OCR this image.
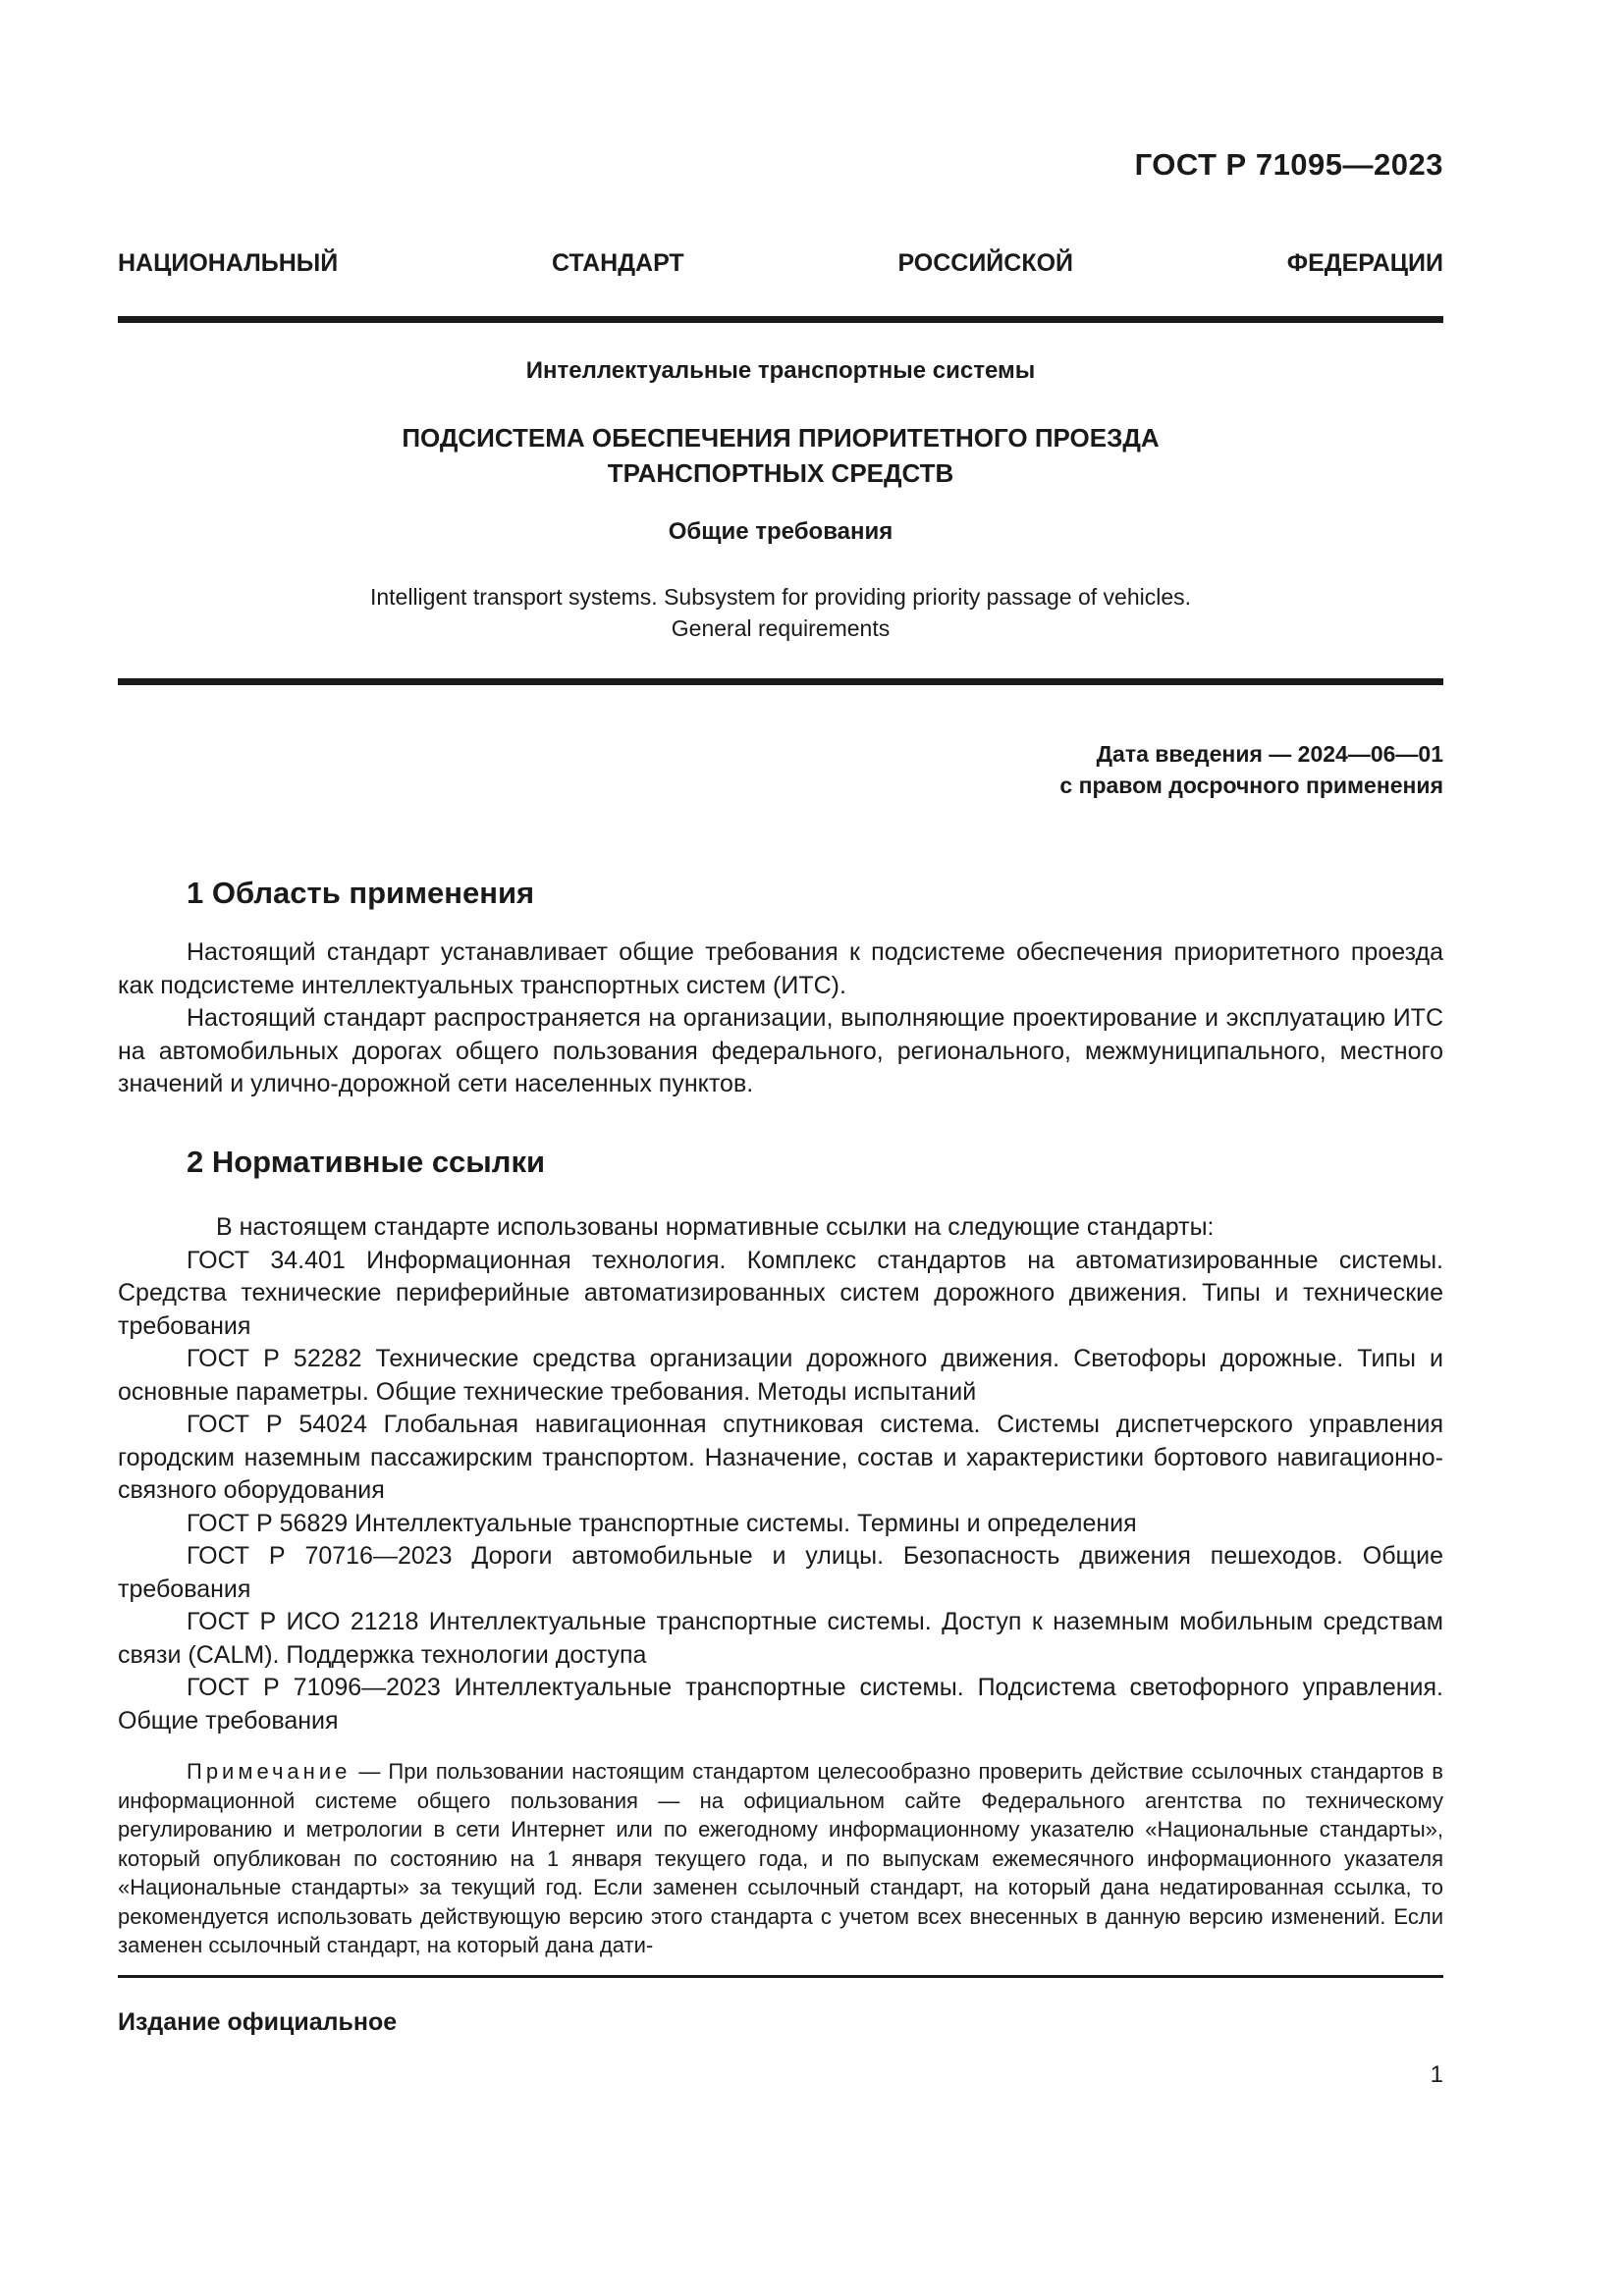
ГОСТ Р 71095—2023
НАЦИОНАЛЬНЫЙ СТАНДАРТ РОССИЙСКОЙ ФЕДЕРАЦИИ
Интеллектуальные транспортные системы
ПОДСИСТЕМА ОБЕСПЕЧЕНИЯ ПРИОРИТЕТНОГО ПРОЕЗДА
ТРАНСПОРТНЫХ СРЕДСТВ
Общие требования
Intelligent transport systems. Subsystem for providing priority passage of vehicles.
General requirements
Дата введения — 2024—06—01
с правом досрочного применения
1 Область применения

Настоящий стандарт устанавливает общие требования к подсистеме обеспечения приоритетного проезда как подсистеме интеллектуальных транспортных систем (ИТС).

Настоящий стандарт распространяется на организации, выполняющие проектирование и эксплуатацию ИТС на автомобильных дорогах общего пользования федерального, регионального, межмуниципального, местного значений и улично-дорожной сети населенных пунктов.

2 Нормативные ссылки

В настоящем стандарте использованы нормативные ссылки на следующие стандарты:

ГОСТ 34.401 Информационная технология. Комплекс стандартов на автоматизированные системы. Средства технические периферийные автоматизированных систем дорожного движения. Типы и технические требования

ГОСТ Р 52282 Технические средства организации дорожного движения. Светофоры дорожные. Типы и основные параметры. Общие технические требования. Методы испытаний

ГОСТ Р 54024 Глобальная навигационная спутниковая система. Системы диспетчерского управления городским наземным пассажирским транспортом. Назначение, состав и характеристики бортового навигационно-связного оборудования

ГОСТ Р 56829 Интеллектуальные транспортные системы. Термины и определения

ГОСТ Р 70716—2023 Дороги автомобильные и улицы. Безопасность движения пешеходов. Общие требования

ГОСТ Р ИСО 21218 Интеллектуальные транспортные системы. Доступ к наземным мобильным средствам связи (CALM). Поддержка технологии доступа

ГОСТ Р 71096—2023 Интеллектуальные транспортные системы. Подсистема светофорного управления. Общие требования

Примечание — При пользовании настоящим стандартом целесообразно проверить действие ссылочных стандартов в информационной системе общего пользования — на официальном сайте Федерального агентства по техническому регулированию и метрологии в сети Интернет или по ежегодному информационному указателю «Национальные стандарты», который опубликован по состоянию на 1 января текущего года, и по выпускам ежемесячного информационного указателя «Национальные стандарты» за текущий год. Если заменен ссылочный стандарт, на который дана недатированная ссылка, то рекомендуется использовать действующую версию этого стандарта с учетом всех внесенных в данную версию изменений. Если заменен ссылочный стандарт, на который дана дати-

Издание официальное
1
